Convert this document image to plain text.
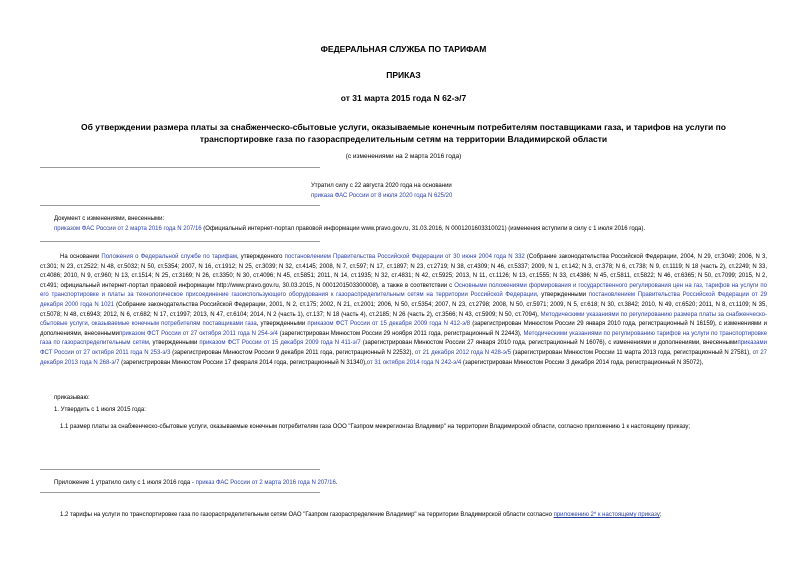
ФЕДЕРАЛЬНАЯ СЛУЖБА ПО ТАРИФАМ
ПРИКАЗ
от 31 марта 2015 года N 62-э/7
Об утверждении размера платы за снабженческо-сбытовые услуги, оказываемые конечным потребителям поставщиками газа, и тарифов на услуги по транспортировке газа по газораспределительным сетям на территории Владимирской области
(с изменениями на 2 марта 2016 года)
Утратил силу с 22 августа 2020 года на основании
приказа ФАС России от 8 июля 2020 года N 625/20
Документ с изменениями, внесенными:
приказом ФАС России от 2 марта 2016 года N 207/16 (Официальный интернет-портал правовой информации www.pravo.gov.ru, 31.03.2016, N 0001201603310021) (изменения вступили в силу с 1 июля 2016 года).
На основании Положения о Федеральной службе по тарифам, утвержденного постановлением Правительства Российской Федерации от 30 июня 2004 года N 332 (Собрание законодательства Российской Федерации, 2004, N 29, ст.3049; 2006, N 3, ст.301; N 23, ст.2522; N 48, ст.5032; N 50, ст.5354; 2007, N 16, ст.1912; N 25, ст.3039; N 32, ст.4145; 2008, N 7, ст.597; N 17, ст.1897; N 23, ст.2719; N 38, ст.4309; N 46, ст.5337; 2009, N 1, ст.142; N 3, ст.378; N 6, ст.738; N 9, ст.1119; N 18 (часть 2), ст.2249; N 33, ст.4086; 2010, N 9, ст.960; N 13, ст.1514; N 25, ст.3169; N 26, ст.3350; N 30, ст.4096; N 45, ст.5851; 2011, N 14, ст.1935; N 32, ст.4831; N 42, ст.5925; 2013, N 11, ст.1126; N 13, ст.1555; N 33, ст.4386; N 45, ст.5811, ст.5822; N 46, ст.6365; N 50, ст.7099; 2015, N 2, ст.491; официальный интернет-портал правовой информации http://www.pravo.gov.ru, 30.03.2015, N 0001201503300008), а также в соответствии с Основными положениями формирования и государственного регулирования цен на газ, тарифов на услуги по его транспортировке и платы за технологическое присоединение газоиспользующего оборудования к газораспределительным сетям на территории Российской Федерации, утвержденными постановлением Правительства Российской Федерации от 29 декабря 2000 года N 1021 (Собрание законодательства Российской Федерации, 2001, N 2, ст.175; 2002, N 21, ст.2001; 2006, N 50, ст.5354; 2007, N 23, ст.2798; 2008, N 50, ст.5971; 2009, N 5, ст.618; N 30, ст.3842; 2010, N 49, ст.6520; 2011, N 8, ст.1109; N 35, ст.5078; N 48, ст.6943; 2012, N 6, ст.682; N 17, ст.1997; 2013, N 47, ст.6104; 2014, N 2 (часть 1), ст.137; N 18 (часть 4), ст.2185; N 26 (часть 2), ст.3566; N 43, ст.5909; N 50, ст.7094), Методическими указаниями по регулированию размера платы за снабженческо-сбытовые услуги, оказываемые конечным потребителям поставщиками газа, утвержденными приказом ФСТ России от 15 декабря 2009 года N 412-э/8 (зарегистрирован Минюстом России 29 января 2010 года, регистрационный N 16159), с изменениями и дополнениями, внесеннымиприказом ФСТ России от 27 октября 2011 года N 254-э/4 (зарегистрирован Минюстом России 29 ноября 2011 года, регистрационный N 22443), Методическими указаниями по регулированию тарифов на услуги по транспортировке газа по газораспределительным сетям, утвержденными приказом ФСТ России от 15 декабря 2009 года N 411-э/7 (зарегистрирован Минюстом России 27 января 2010 года, регистрационный N 16076), с изменениями и дополнениями, внесеннымиприказами ФСТ России от 27 октября 2011 года N 253-э/3 (зарегистрирован Минюстом России 9 декабря 2011 года, регистрационный N 22532), от 21 декабря 2012 года N 428-э/5 (зарегистрирован Минюстом России 11 марта 2013 года, регистрационный N 27581), от 27 декабря 2013 года N 268-э/7 (зарегистрирован Минюстом России 17 февраля 2014 года, регистрационный N 31340),от 31 октября 2014 года N 242-э/4 (зарегистрирован Минюстом России 3 декабря 2014 года, регистрационный N 35072),
приказываю:
1. Утвердить с 1 июля 2015 года:
1.1 размер платы за снабженческо-сбытовые услуги, оказываемые конечным потребителям газа ООО "Газпром межрегионгаз Владимир" на территории Владимирской области, согласно приложению 1 к настоящему приказу;
Приложение 1 утратило силу с 1 июля 2016 года - приказ ФАС России от 2 марта 2016 года N 207/16.
1.2 тарифы на услуги по транспортировке газа по газораспределительным сетям ОАО "Газпром газораспределение Владимир" на территории Владимирской области согласно приложению 2* к настоящему приказу;
